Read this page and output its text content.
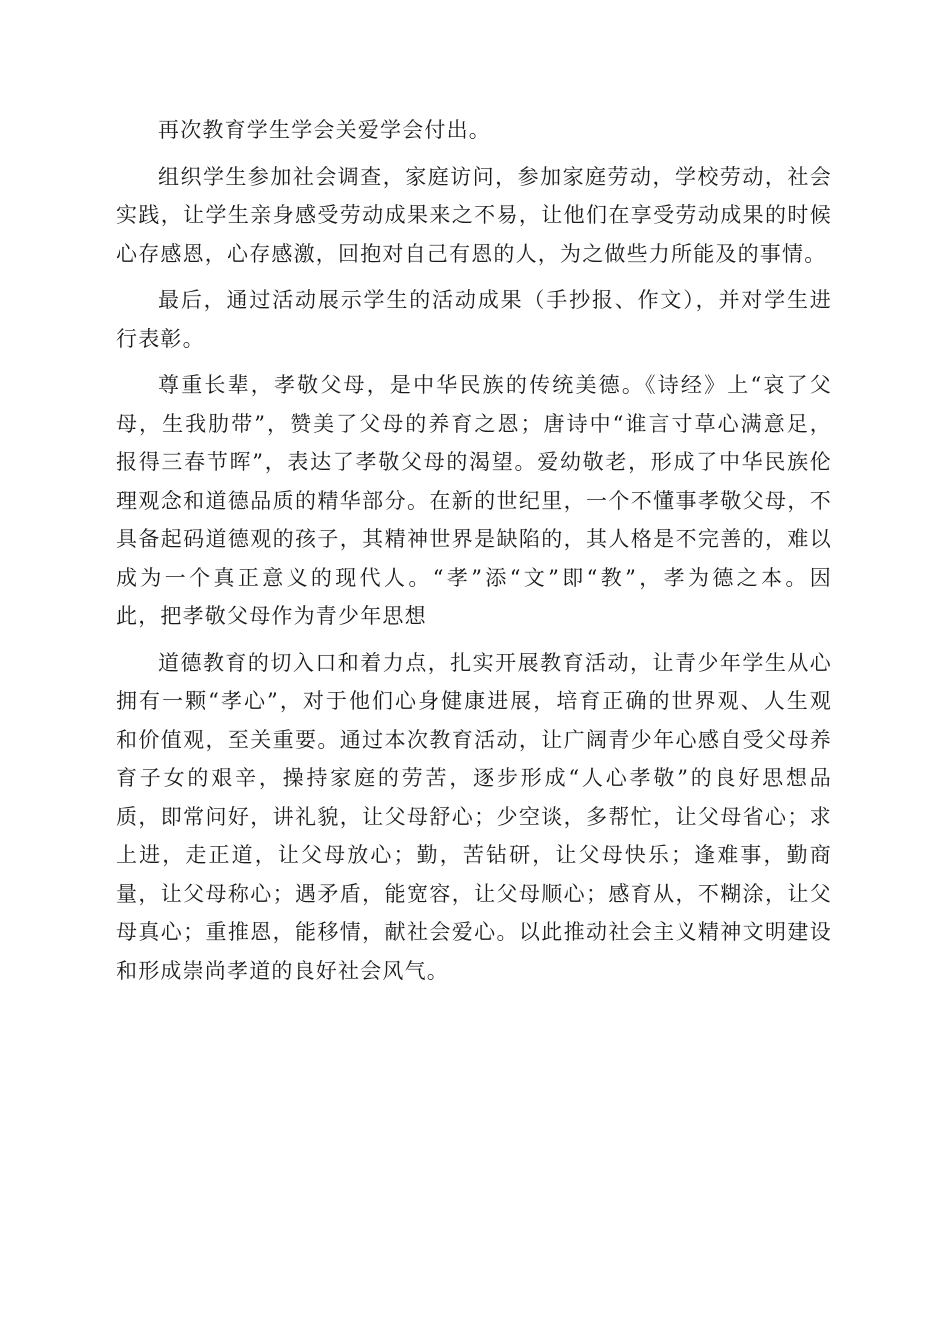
再次教育学生学会关爱学会付出。

组织学生参加社会调查，家庭访问，参加家庭劳动，学校劳动，社会
实践，让学生亲身感受劳动成果来之不易，让他们在享受劳动成果的时候
心存感恩，心存感激，回抱对自己有恩的人，为之做些力所能及的事情。

最后，通过活动展示学生的活动成果（手抄报、作文），并对学生进
行表彰。

尊重长辈，孝敬父母，是中华民族的传统美德。《诗经》上“哀了父
母，生我肋带”，赞美了父母的养育之恩；唐诗中“谁言寸草心满意足，
报得三春节晖”，表达了孝敬父母的渴望。爱幼敬老，形成了中华民族伦
理观念和道德品质的精华部分。在新的世纪里，一个不懂事孝敬父母，不
具备起码道德观的孩子，其精神世界是缺陷的，其人格是不完善的，难以
成为一个真正意义的现代人。“孝”添“文”即“教”，孝为德之本。因
此，把孝敬父母作为青少年思想

道德教育的切入口和着力点，扎实开展教育活动，让青少年学生从心
拥有一颗“孝心”，对于他们心身健康进展，培育正确的世界观、人生观
和价值观，至关重要。通过本次教育活动，让广阔青少年心感自受父母养
育子女的艰辛，操持家庭的劳苦，逐步形成“人心孝敬”的良好思想品
质，即常问好，讲礼貌，让父母舒心；少空谈，多帮忙，让父母省心；求
上进，走正道，让父母放心；勤，苦钻研，让父母快乐；逢难事，勤商
量，让父母称心；遇矛盾，能宽容，让父母顺心；感育从，不糊涂，让父
母真心；重推恩，能移情，献社会爱心。以此推动社会主义精神文明建设
和形成崇尚孝道的良好社会风气。
